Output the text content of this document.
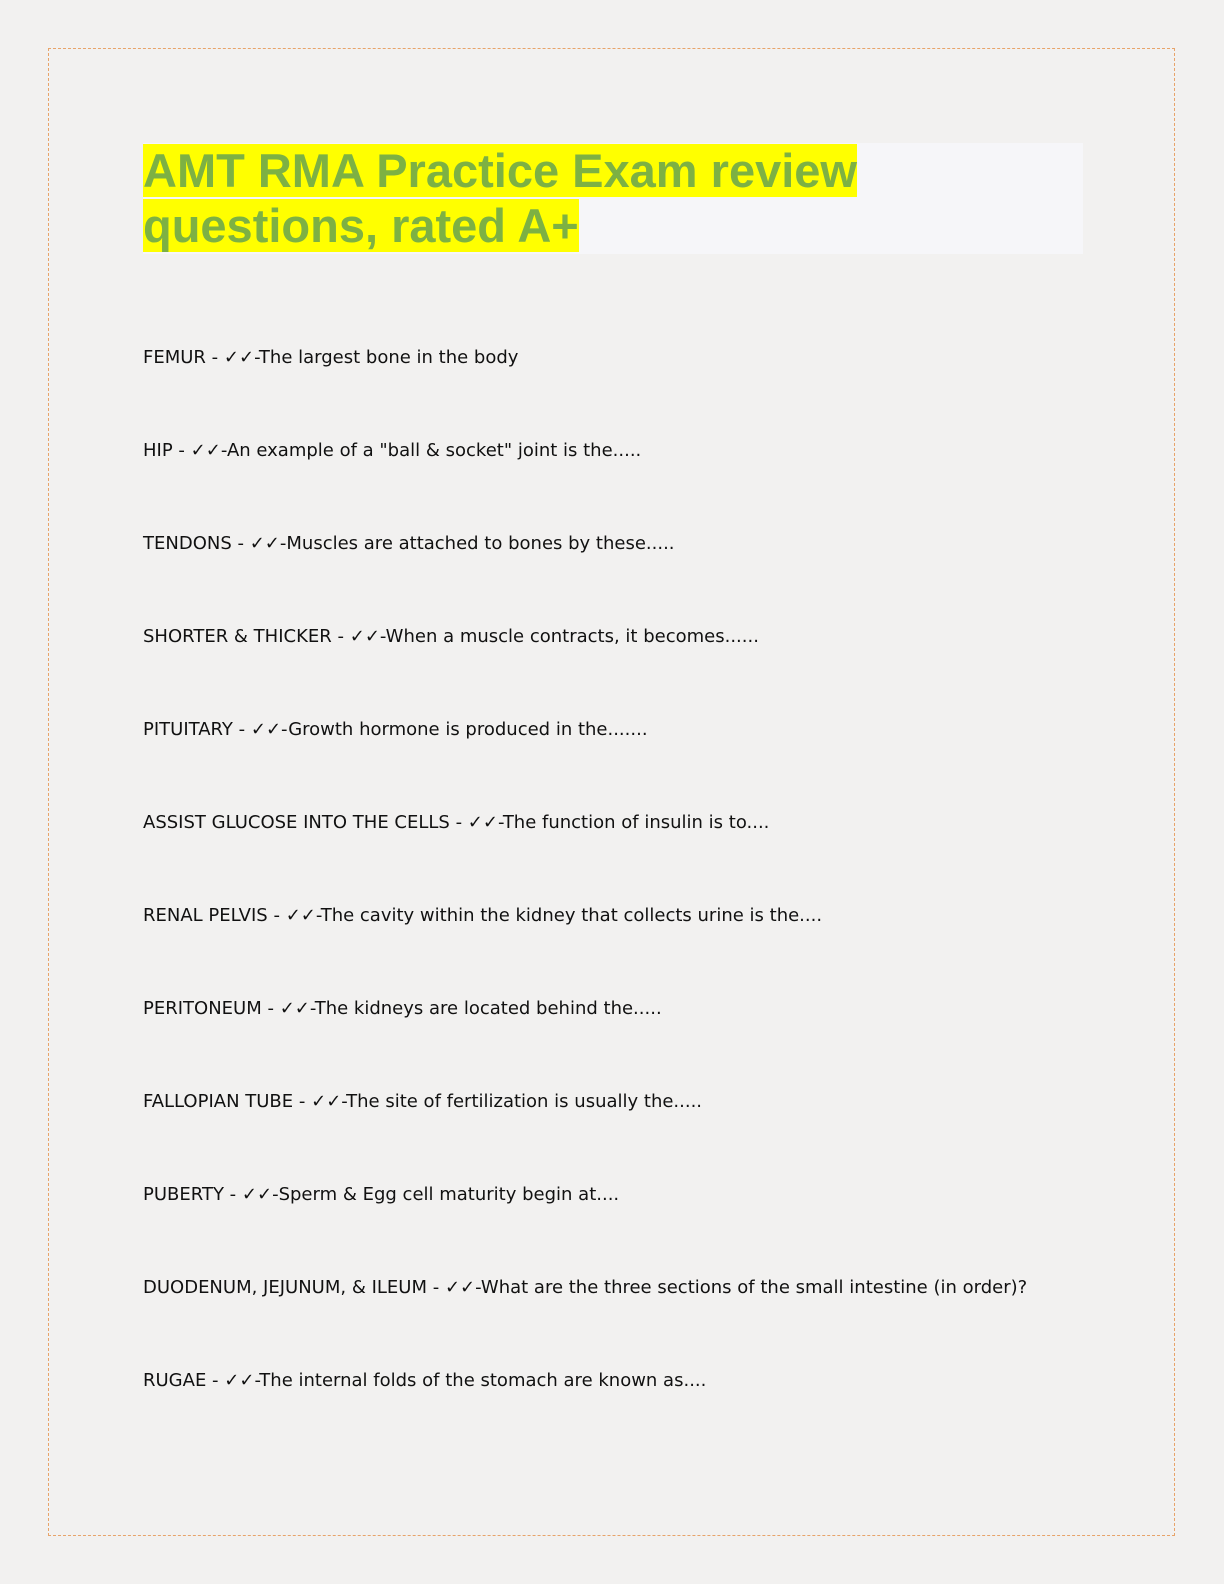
AMT RMA Practice Exam review
questions, rated A+
FEMUR - ✓✓-The largest bone in the body
HIP - ✓✓-An example of a "ball & socket" joint is the.....
TENDONS - ✓✓-Muscles are attached to bones by these.....
SHORTER & THICKER - ✓✓-When a muscle contracts, it becomes......
PITUITARY - ✓✓-Growth hormone is produced in the.......
ASSIST GLUCOSE INTO THE CELLS - ✓✓-The function of insulin is to....
RENAL PELVIS - ✓✓-The cavity within the kidney that collects urine is the....
PERITONEUM - ✓✓-The kidneys are located behind the.....
FALLOPIAN TUBE - ✓✓-The site of fertilization is usually the.....
PUBERTY - ✓✓-Sperm & Egg cell maturity begin at....
DUODENUM, JEJUNUM, & ILEUM - ✓✓-What are the three sections of the small intestine (in order)?
RUGAE - ✓✓-The internal folds of the stomach are known as....
